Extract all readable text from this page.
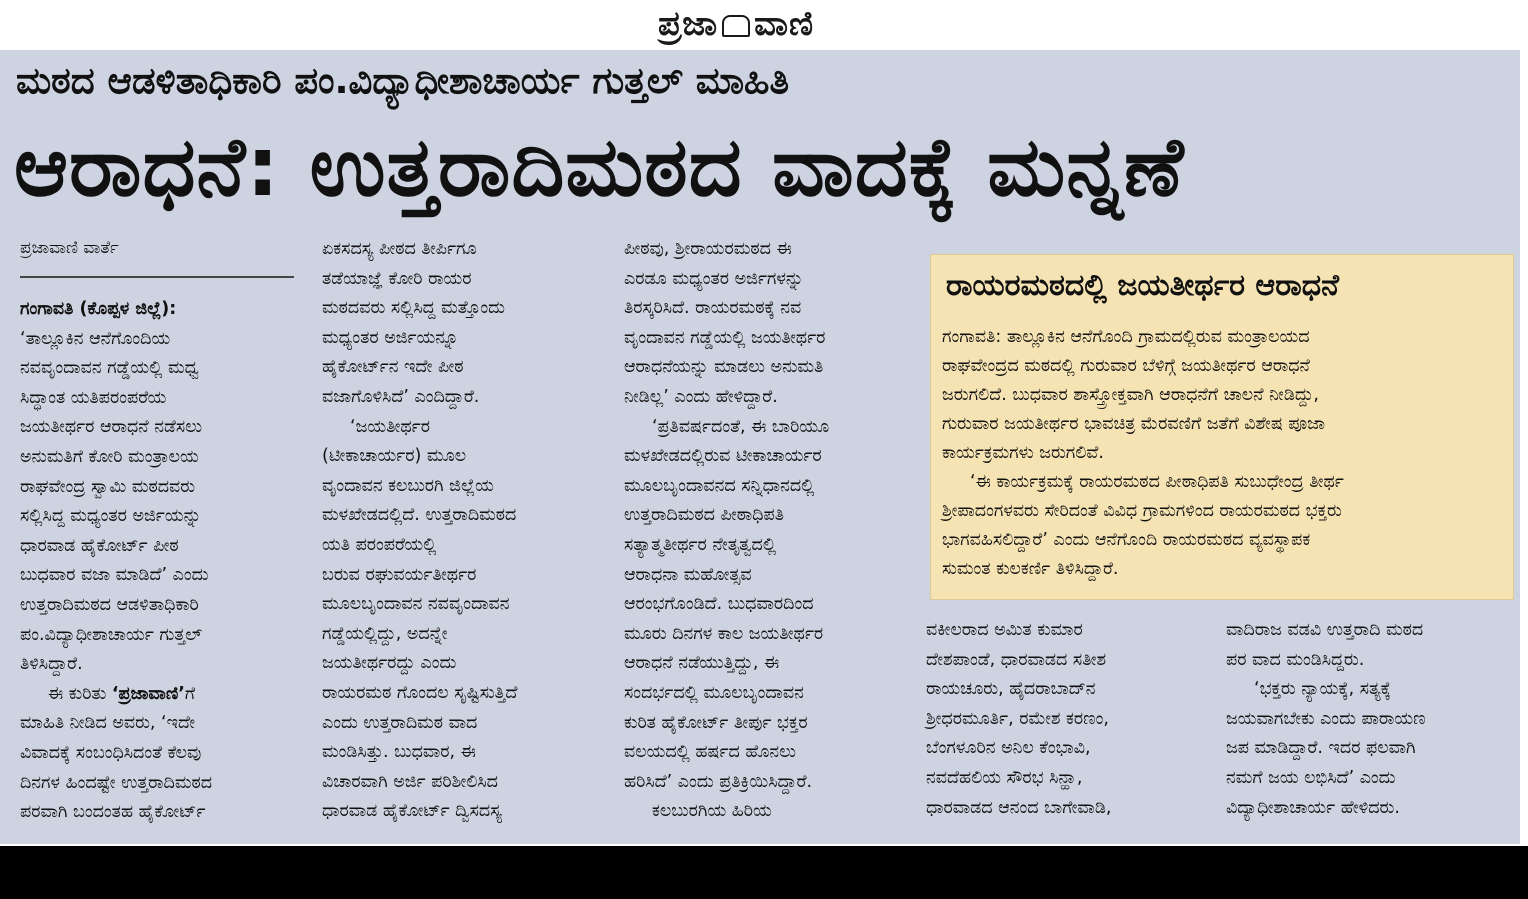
ಪ್ರಜಾ ವಾಣಿ
ಮಠದ ಆಡಳಿತಾಧಿಕಾರಿ ಪಂ.ವಿದ್ಯಾಧೀಶಾಚಾರ್ಯ ಗುತ್ತಲ್ ಮಾಹಿತಿ
ಆರಾಧನೆ: ಉತ್ತರಾದಿಮಠದ ವಾದಕ್ಕೆ ಮನ್ನಣೆ
ಪ್ರಜಾವಾಣಿ ವಾರ್ತೆ

ಗಂಗಾವತಿ (ಕೊಪ್ಪಳ ಜಿಲ್ಲೆ):

‘ತಾಲ್ಲೂಕಿನ ಆನೆಗೊಂದಿಯ

ನವವೃಂದಾವನ ಗಡ್ಡೆಯಲ್ಲಿ ಮಧ್ವ

ಸಿದ್ಧಾಂತ ಯತಿಪರಂಪರೆಯ

ಜಯತೀರ್ಥರ ಆರಾಧನೆ ನಡೆಸಲು

ಅನುಮತಿಗೆ ಕೋರಿ ಮಂತ್ರಾಲಯ

ರಾಘವೇಂದ್ರ ಸ್ವಾಮಿ ಮಠದವರು

ಸಲ್ಲಿಸಿದ್ದ ಮಧ್ಯಂತರ ಅರ್ಜಿಯನ್ನು

ಧಾರವಾಡ ಹೈಕೋರ್ಟ್ ಪೀಠ

ಬುಧವಾರ ವಜಾ ಮಾಡಿದೆ’ ಎಂದು

ಉತ್ತರಾದಿಮಠದ ಆಡಳಿತಾಧಿಕಾರಿ

ಪಂ.ವಿದ್ಯಾಧೀಶಾಚಾರ್ಯ ಗುತ್ತಲ್

ತಿಳಿಸಿದ್ದಾರೆ.

ಈ ಕುರಿತು ‘ಪ್ರಜಾವಾಣಿ’ಗೆ

ಮಾಹಿತಿ ನೀಡಿದ ಅವರು, ‘ಇದೇ

ವಿವಾದಕ್ಕೆ ಸಂಬಂಧಿಸಿದಂತೆ ಕೆಲವು

ದಿನಗಳ ಹಿಂದಷ್ಟೇ ಉತ್ತರಾದಿಮಠದ

ಪರವಾಗಿ ಬಂದಂತಹ ಹೈಕೋರ್ಟ್

ಏಕಸದಸ್ಯ ಪೀಠದ ತೀರ್ಪಿಗೂ

ತಡೆಯಾಜ್ಞೆ ಕೋರಿ ರಾಯರ

ಮಠದವರು ಸಲ್ಲಿಸಿದ್ದ ಮತ್ತೊಂದು

ಮಧ್ಯಂತರ ಅರ್ಜಿಯನ್ನೂ

ಹೈಕೋರ್ಟ್‌ನ ಇದೇ ಪೀಠ

ವಜಾಗೊಳಿಸಿದೆ’ ಎಂದಿದ್ದಾರೆ.

‘ಜಯತೀರ್ಥರ

(ಟೀಕಾಚಾರ್ಯರ) ಮೂಲ

ವೃಂದಾವನ ಕಲಬುರಗಿ ಜಿಲ್ಲೆಯ

ಮಳಖೇಡದಲ್ಲಿದೆ. ಉತ್ತರಾದಿಮಠದ

ಯತಿ ಪರಂಪರೆಯಲ್ಲಿ

ಬರುವ ರಘುವರ್ಯತೀರ್ಥರ

ಮೂಲಬೃಂದಾವನ ನವವೃಂದಾವನ

ಗಡ್ಡೆಯಲ್ಲಿದ್ದು, ಅದನ್ನೇ

ಜಯತೀರ್ಥರದ್ದು ಎಂದು

ರಾಯರಮಠ ಗೊಂದಲ ಸೃಷ್ಟಿಸುತ್ತಿದೆ

ಎಂದು ಉತ್ತರಾದಿಮಠ ವಾದ

ಮಂಡಿಸಿತ್ತು. ಬುಧವಾರ, ಈ

ವಿಚಾರವಾಗಿ ಅರ್ಜಿ ಪರಿಶೀಲಿಸಿದ

ಧಾರವಾಡ ಹೈಕೋರ್ಟ್ ದ್ವಿಸದಸ್ಯ

ಪೀಠವು, ಶ್ರೀರಾಯರಮಠದ ಈ

ಎರಡೂ ಮಧ್ಯಂತರ ಅರ್ಜಿಗಳನ್ನು

ತಿರಸ್ಕರಿಸಿದೆ. ರಾಯರಮಠಕ್ಕೆ ನವ

ವೃಂದಾವನ ಗಡ್ಡೆಯಲ್ಲಿ ಜಯತೀರ್ಥರ

ಆರಾಧನೆಯನ್ನು ಮಾಡಲು ಅನುಮತಿ

ನೀಡಿಲ್ಲ’ ಎಂದು ಹೇಳಿದ್ದಾರೆ.

‘ಪ್ರತಿವರ್ಷದಂತೆ, ಈ ಬಾರಿಯೂ

ಮಳಖೇಡದಲ್ಲಿರುವ ಟೀಕಾಚಾರ್ಯರ

ಮೂಲಬೃಂದಾವನದ ಸನ್ನಿಧಾನದಲ್ಲಿ

ಉತ್ತರಾದಿಮಠದ ಪೀಠಾಧಿಪತಿ

ಸತ್ಯಾತ್ಮತೀರ್ಥರ ನೇತೃತ್ವದಲ್ಲಿ

ಆರಾಧನಾ ಮಹೋತ್ಸವ

ಆರಂಭಗೊಂಡಿದೆ. ಬುಧವಾರದಿಂದ

ಮೂರು ದಿನಗಳ ಕಾಲ ಜಯತೀರ್ಥರ

ಆರಾಧನೆ ನಡೆಯುತ್ತಿದ್ದು, ಈ

ಸಂದರ್ಭದಲ್ಲಿ ಮೂಲಬೃಂದಾವನ

ಕುರಿತ ಹೈಕೋರ್ಟ್ ತೀರ್ಪು ಭಕ್ತರ

ವಲಯದಲ್ಲಿ ಹರ್ಷದ ಹೊನಲು

ಹರಿಸಿದೆ’ ಎಂದು ಪ್ರತಿಕ್ರಿಯಿಸಿದ್ದಾರೆ.

ಕಲಬುರಗಿಯ ಹಿರಿಯ

ರಾಯರಮಠದಲ್ಲಿ ಜಯತೀರ್ಥರ ಆರಾಧನೆ

ಗಂಗಾವತಿ: ತಾಲ್ಲೂಕಿನ ಆನೆಗೊಂದಿ ಗ್ರಾಮದಲ್ಲಿರುವ ಮಂತ್ರಾಲಯದ

ರಾಘವೇಂದ್ರದ ಮಠದಲ್ಲಿ ಗುರುವಾರ ಬೆಳಿಗ್ಗೆ ಜಯತೀರ್ಥರ ಆರಾಧನೆ

ಜರುಗಲಿದೆ. ಬುಧವಾರ ಶಾಸ್ತ್ರೋಕ್ತವಾಗಿ ಆರಾಧನೆಗೆ ಚಾಲನೆ ನೀಡಿದ್ದು,

ಗುರುವಾರ ಜಯತೀರ್ಥರ ಭಾವಚಿತ್ರ ಮೆರವಣಿಗೆ ಜತೆಗೆ ವಿಶೇಷ ಪೂಜಾ

ಕಾರ್ಯಕ್ರಮಗಳು ಜರುಗಲಿವೆ.

‘ಈ ಕಾರ್ಯಕ್ರಮಕ್ಕೆ ರಾಯರಮಠದ ಪೀಠಾಧಿಪತಿ ಸುಬುಧೇಂದ್ರ ತೀರ್ಥ

ಶ್ರೀಪಾದಂಗಳವರು ಸೇರಿದಂತೆ ವಿವಿಧ ಗ್ರಾಮಗಳಿಂದ ರಾಯರಮಠದ ಭಕ್ತರು

ಭಾಗವಹಿಸಲಿದ್ದಾರೆ’ ಎಂದು ಆನೆಗೊಂದಿ ರಾಯರಮಠದ ವ್ಯವಸ್ಥಾಪಕ

ಸುಮಂತ ಕುಲಕರ್ಣಿ ತಿಳಿಸಿದ್ದಾರೆ.

ವಕೀಲರಾದ ಅಮಿತ ಕುಮಾರ

ದೇಶಪಾಂಡೆ, ಧಾರವಾಡದ ಸತೀಶ

ರಾಯಚೂರು, ಹೈದರಾಬಾದ್‌ನ

ಶ್ರೀಧರಮೂರ್ತಿ, ರಮೇಶ ಕರಣಂ,

ಬೆಂಗಳೂರಿನ ಅನಿಲ ಕೆಂಭಾವಿ,

ನವದೆಹಲಿಯ ಸೌರಭ ಸಿನ್ಹಾ,

ಧಾರವಾಡದ ಆನಂದ ಬಾಗೇವಾಡಿ,

ವಾದಿರಾಜ ವಡವಿ ಉತ್ತರಾದಿ ಮಠದ

ಪರ ವಾದ ಮಂಡಿಸಿದ್ದರು.

‘ಭಕ್ತರು ನ್ಯಾಯಕ್ಕೆ, ಸತ್ಯಕ್ಕೆ

ಜಯವಾಗಬೇಕು ಎಂದು ಪಾರಾಯಣ

ಜಪ ಮಾಡಿದ್ದಾರೆ. ಇದರ ಫಲವಾಗಿ

ನಮಗೆ ಜಯ ಲಭಿಸಿದೆ’ ಎಂದು

ವಿದ್ಯಾಧೀಶಾಚಾರ್ಯ ಹೇಳಿದರು.
